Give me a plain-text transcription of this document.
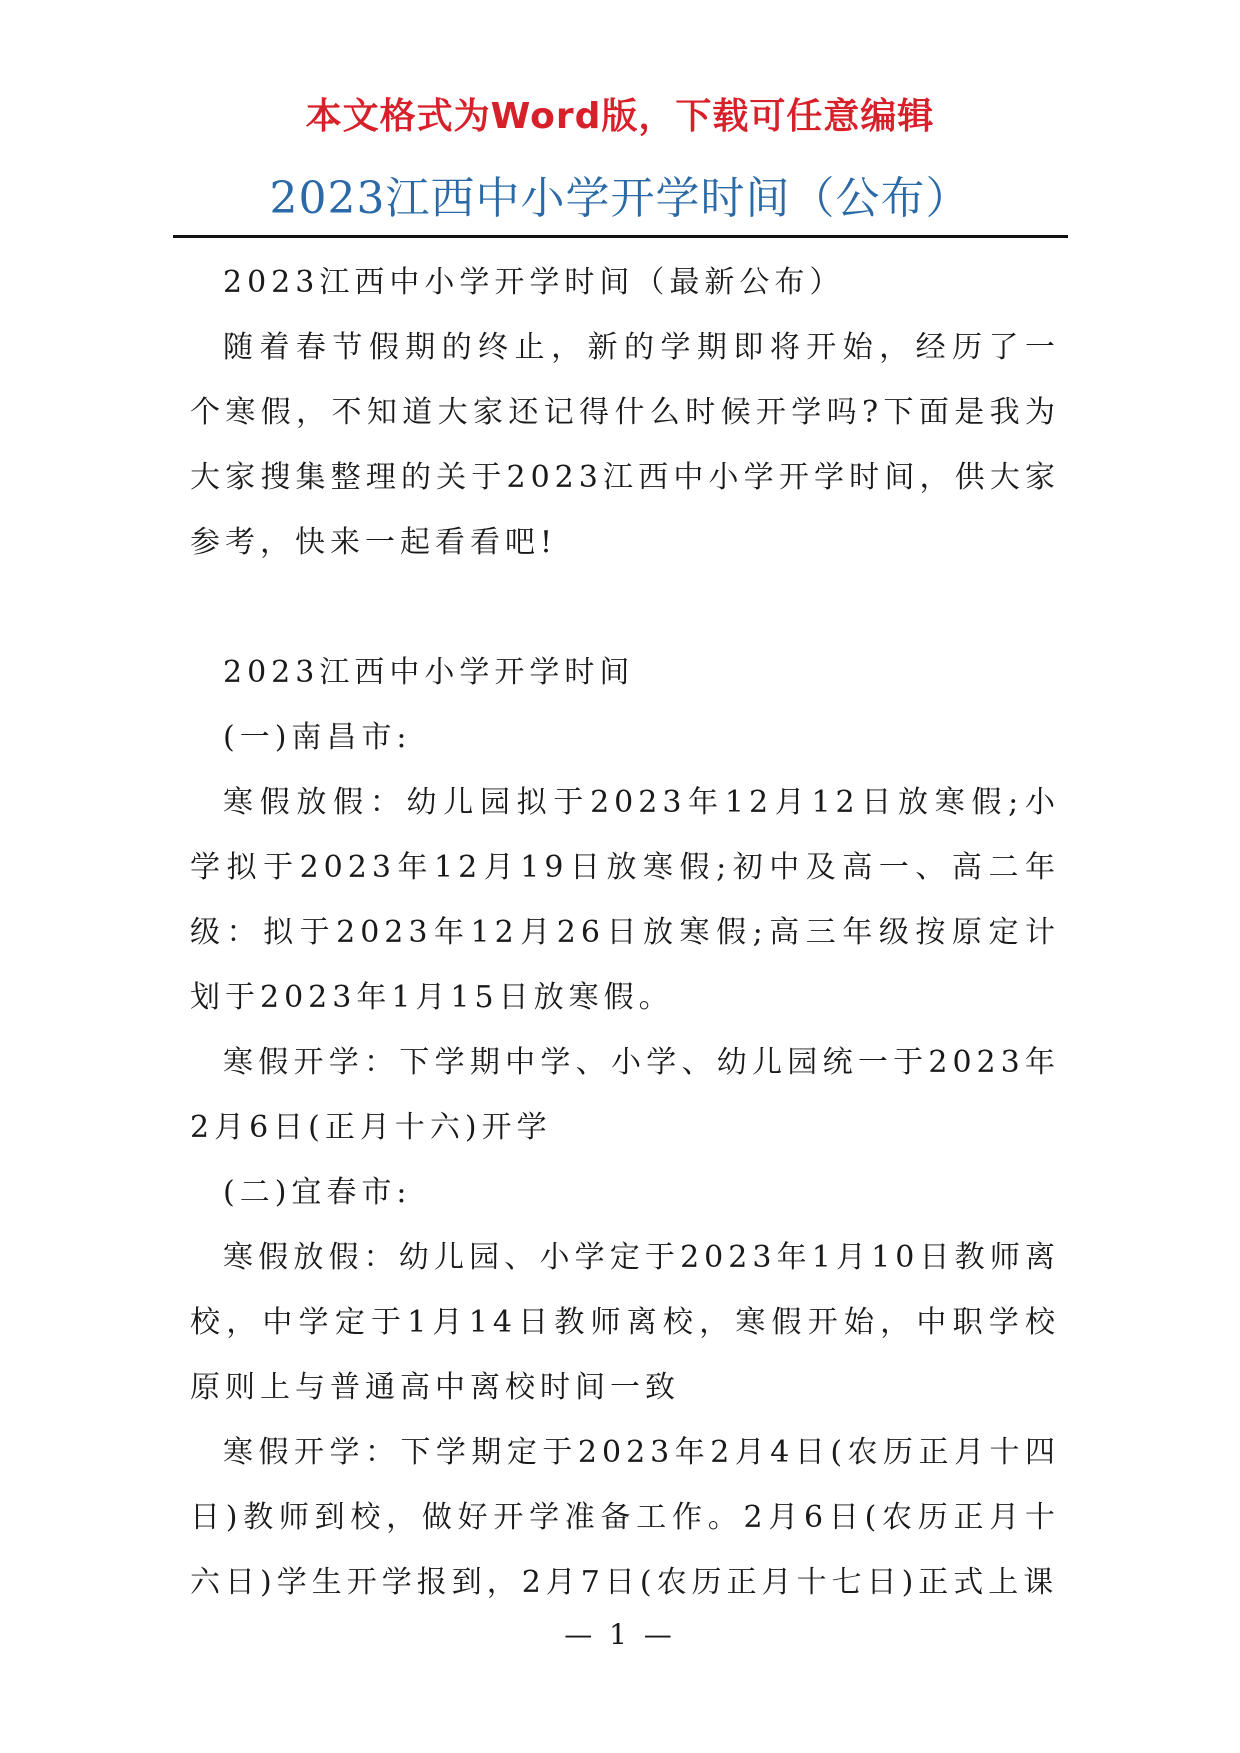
本文格式为Word版，下载可任意编辑
2023江西中小学开学时间（公布）

2023江西中小学开学时间（最新公布）

随着春节假期的终止，新的学期即将开始，经历了一个寒假，不知道大家还记得什么时候开学吗?下面是我为大家搜集整理的关于2023江西中小学开学时间，供大家参考，快来一起看看吧!

2023江西中小学开学时间

(一)南昌市:

寒假放假：幼儿园拟于2023年12月12日放寒假;小学拟于2023年12月19日放寒假;初中及高一、高二年级：拟于2023年12月26日放寒假;高三年级按原定计划于2023年1月15日放寒假。

寒假开学：下学期中学、小学、幼儿园统一于2023年2月6日(正月十六)开学

(二)宜春市:

寒假放假：幼儿园、小学定于2023年1月10日教师离校，中学定于1月14日教师离校，寒假开始，中职学校原则上与普通高中离校时间一致

寒假开学：下学期定于2023年2月4日(农历正月十四日)教师到校，做好开学准备工作。2月6日(农历正月十六日)学生开学报到，2月7日(农历正月十七日)正式上课

— 1 —
